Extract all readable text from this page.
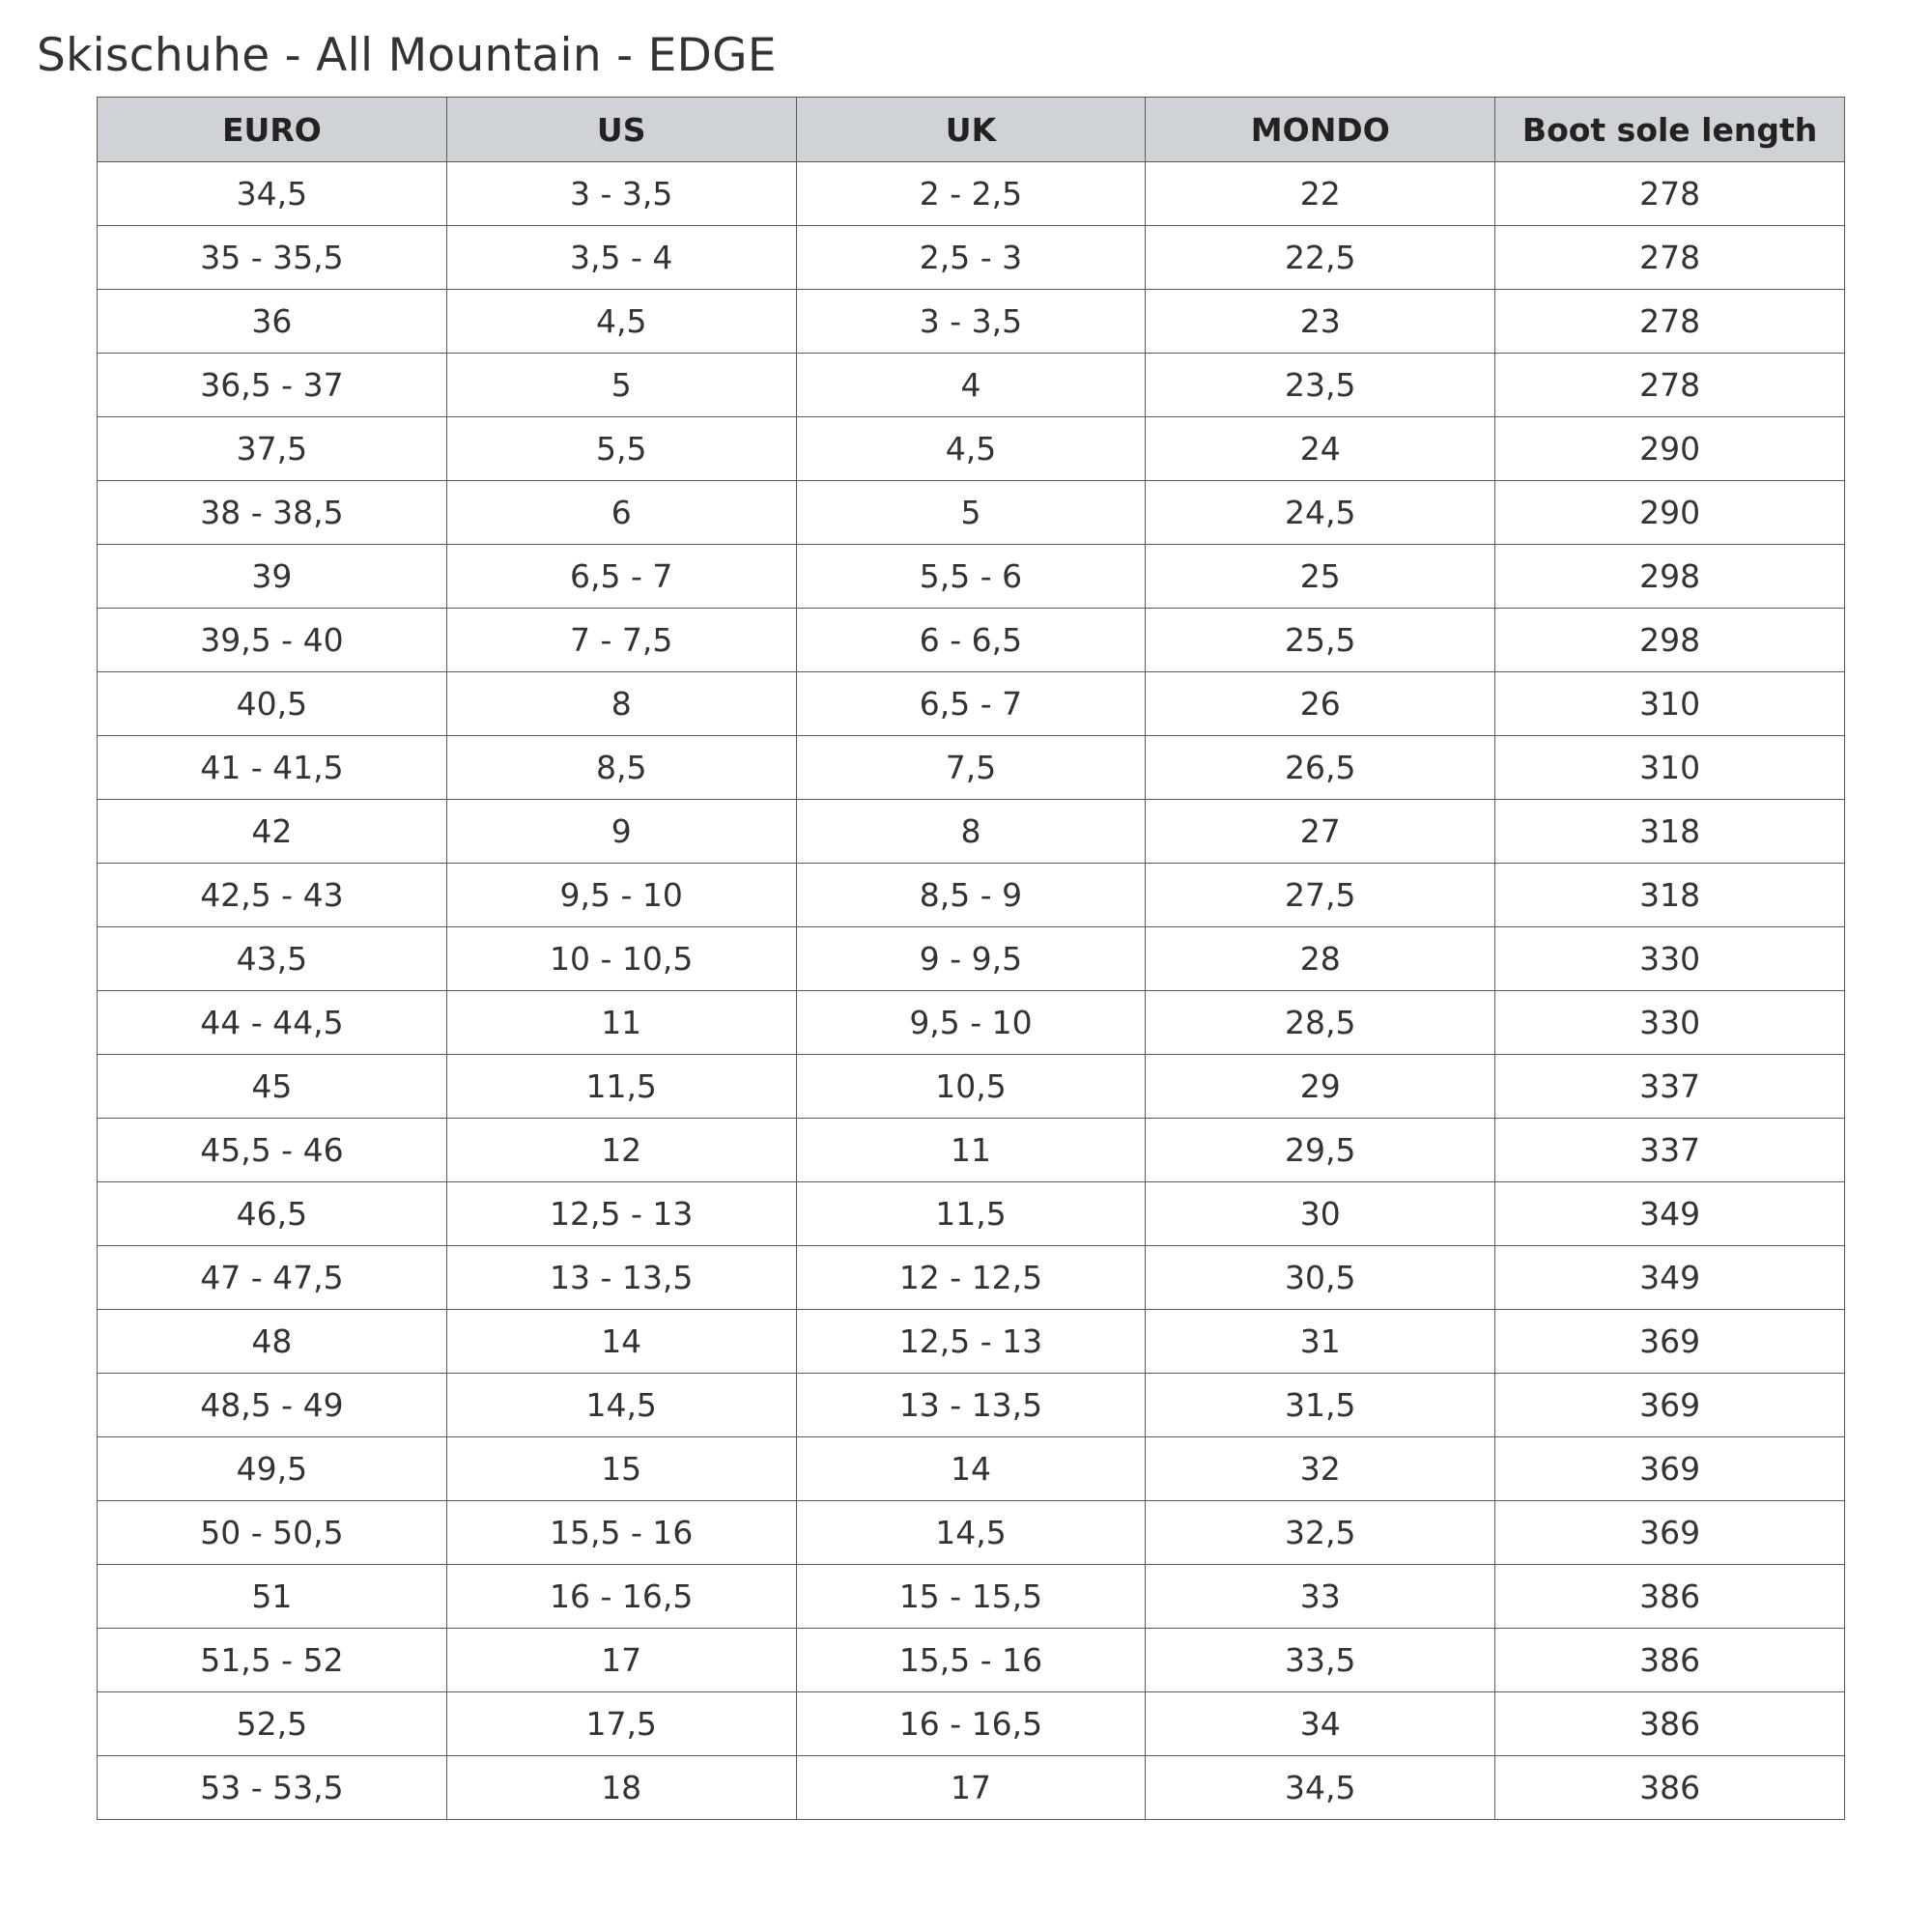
Skischuhe - All Mountain - EDGE
EURO	US	UK	MONDO	Boot sole length
34,5	3 - 3,5	2 - 2,5	22	278
35 - 35,5	3,5 - 4	2,5 - 3	22,5	278
36	4,5	3 - 3,5	23	278
36,5 - 37	5	4	23,5	278
37,5	5,5	4,5	24	290
38 - 38,5	6	5	24,5	290
39	6,5 - 7	5,5 - 6	25	298
39,5 - 40	7 - 7,5	6 - 6,5	25,5	298
40,5	8	6,5 - 7	26	310
41 - 41,5	8,5	7,5	26,5	310
42	9	8	27	318
42,5 - 43	9,5 - 10	8,5 - 9	27,5	318
43,5	10 - 10,5	9 - 9,5	28	330
44 - 44,5	11	9,5 - 10	28,5	330
45	11,5	10,5	29	337
45,5 - 46	12	11	29,5	337
46,5	12,5 - 13	11,5	30	349
47 - 47,5	13 - 13,5	12 - 12,5	30,5	349
48	14	12,5 - 13	31	369
48,5 - 49	14,5	13 - 13,5	31,5	369
49,5	15	14	32	369
50 - 50,5	15,5 - 16	14,5	32,5	369
51	16 - 16,5	15 - 15,5	33	386
51,5 - 52	17	15,5 - 16	33,5	386
52,5	17,5	16 - 16,5	34	386
53 - 53,5	18	17	34,5	386
